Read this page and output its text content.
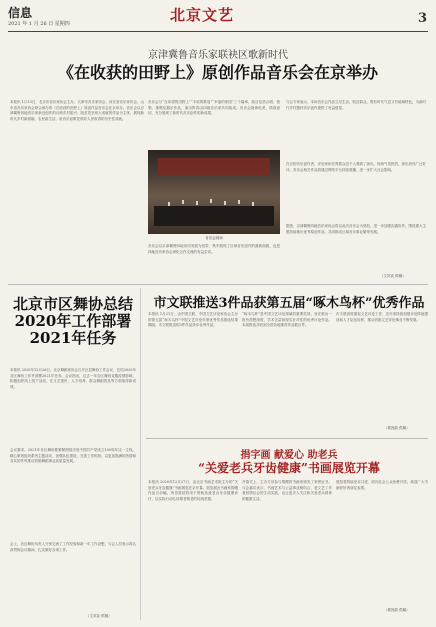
信息
2021 年 1 月 26 日 星期四	北京文艺	3
京津冀鲁音乐家联袂区歌新时代
《在收获的田野上》原创作品音乐会在京举办
本报讯 1月13日，北京市音乐家协会主办、天津市音乐家协会、河北省音乐家协会、山东省音乐家协会联合承办的《在收获的田野上》原创作品音乐会在京举办。音乐会以京津冀鲁四地音乐家新近创作的反映乡村振兴、脱贫攻坚伟大成就的作品为主体，展现新时代乡村新面貌、农民新生活，用音乐讴歌党领导人民取得的历史性成就。
音乐会分“在希望的田野上”“丰收的歌谣”“幸福的家园”三个篇章，曲目包括合唱、独唱、重唱及器乐作品，演出阵容由四地音乐家共同组成。音乐会旋律优美，情真意切，充分展现了新时代音乐创作的新成果。
音乐会现场
音乐会以京津冀鲁四地协同发展为纽带，集中展现了区域音乐创作的最新面貌，也是四地音乐家协会深化合作交流的有益尝试。
与会专家表示，本场音乐会作品立足生活、贴近群众，既有时代气息又有地域特色，为新时代乡村题材音乐创作提供了有益借鉴。
在京的音乐创作者、评论家和各界群众近千人观看了演出。现场气氛热烈，演出获得广泛好评。音乐会相关作品将通过网络平台持续展播，进一步扩大社会影响。
据悉，京津冀鲁四地音乐家协会将以此次音乐会为契机，进一步加强沟通协作，围绕重大主题持续推出优秀原创作品，共同推动区域音乐事业繁荣发展。
（文宾宣 供稿）
北京市区舞协总结2020年工作部署2021年任务
本报讯 2020年12月26日，北京舞蹈家协会召开区县舞协工作会议，总结2020年各区舞协工作并部署2021年任务。会议指出，过去一年各区舞协克服疫情影响，积极组织线上线下活动，在文艺惠民、人才培养、群众舞蹈普及等方面取得新成绩。
会议要求，2021年各区舞协要紧紧围绕庆祝中国共产党成立100周年这一主线，精心策划组织系列主题活动，加强队伍建设，完善工作机制，以更加饱满的热情和务实的作风推动首都舞蹈事业高质量发展。
会上，各区舞协负责人分别交流了工作经验和新一年工作设想，与会人员表示将认真贯彻会议精神，扎实做好各项工作。
（文宾宣 供稿）
市文联推送3件品获第五届“啄木鸟杯”优秀作品
本报讯 1月21日，由中国文联、中国文艺评论家协会主办的第五届“啄木鸟杯”中国文艺评论年度优秀作品推选结果揭晓。市文联推送的3件作品获评优秀作品。
“啄木鸟杯”是中国文艺评论领域的重要奖项，旨在推出一批有思想深度、学术含量和现实针对性的优秀评论作品。本届推选共收到全国各地推荐作品数百件。
市文联高度重视文艺评论工作，近年来持续加强评论阵地建设和人才队伍培养，推动首都文艺评论事业不断发展。
（郭祝政 供稿）
捐字画 献爱心 助老兵
“关爱老兵牙齿健康”书画展览开幕
本报讯 2020年12月27日，由北京书画艺术院主办的“关爱老兵牙齿健康”书画展览在京开幕。展览展出书画家捐赠作品百余幅，所得善款将用于资助抗战老兵牙齿健康诊疗，以实际行动弘扬尊老敬老的传统美德。
开幕式上，主办方向参与捐赠的书画家颁发了荣誉证书。与会嘉宾表示，书画艺术与公益事业相结合，是文艺工作者回馈社会的生动实践，也让更多人关注和关爱老兵群体的健康生活。
展览将持续至本月底，面向社会公众免费开放，欢迎广大书画爱好者前往参观。
（郭祝政 供稿）
